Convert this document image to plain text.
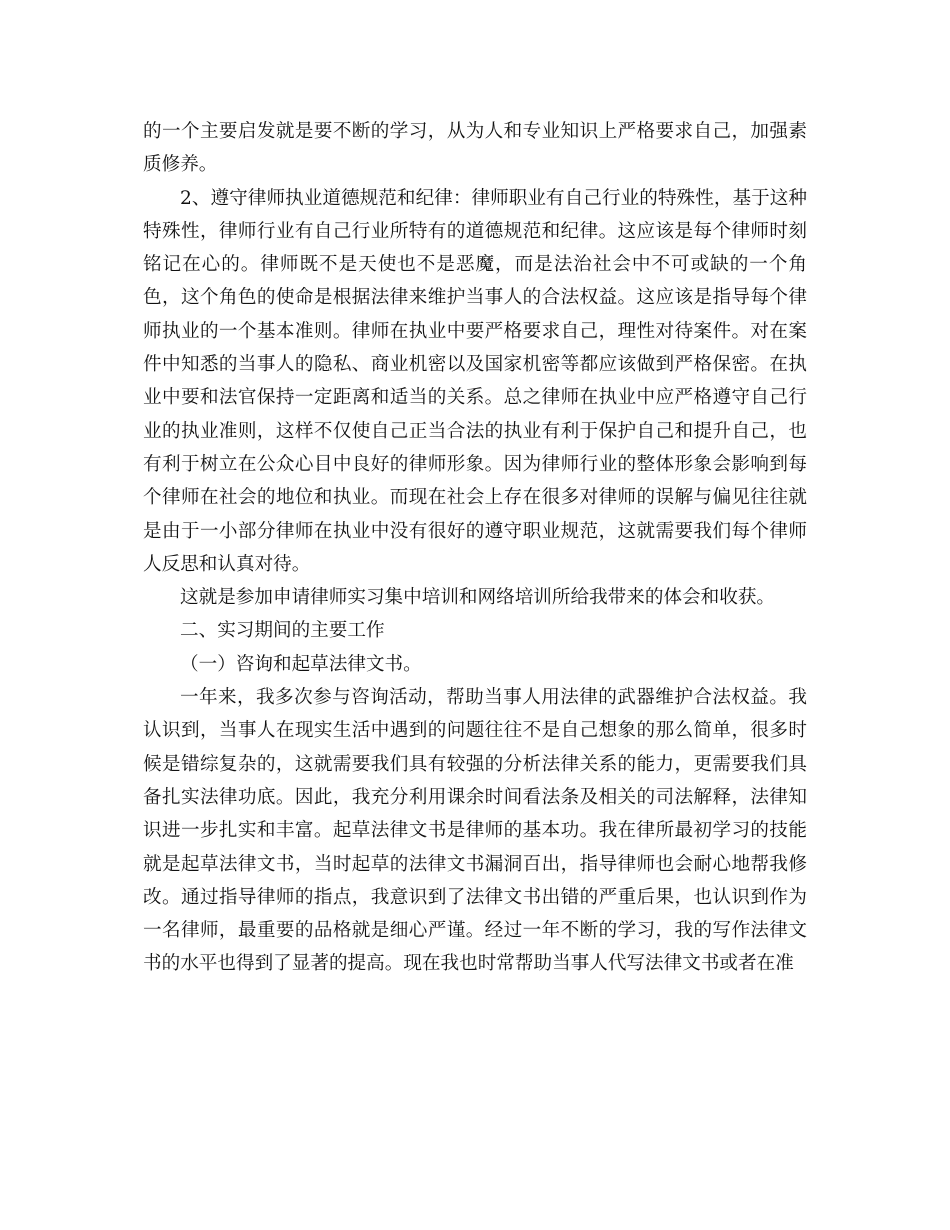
的一个主要启发就是要不断的学习，从为人和专业知识上严格要求自己，加强素质修养。

2、遵守律师执业道德规范和纪律：律师职业有自己行业的特殊性，基于这种特殊性，律师行业有自己行业所特有的道德规范和纪律。这应该是每个律师时刻铭记在心的。律师既不是天使也不是恶魔，而是法治社会中不可或缺的一个角色，这个角色的使命是根据法律来维护当事人的合法权益。这应该是指导每个律师执业的一个基本准则。律师在执业中要严格要求自己，理性对待案件。对在案件中知悉的当事人的隐私、商业机密以及国家机密等都应该做到严格保密。在执业中要和法官保持一定距离和适当的关系。总之律师在执业中应严格遵守自己行业的执业准则，这样不仅使自己正当合法的执业有利于保护自己和提升自己，也有利于树立在公众心目中良好的律师形象。因为律师行业的整体形象会影响到每个律师在社会的地位和执业。而现在社会上存在很多对律师的误解与偏见往往就是由于一小部分律师在执业中没有很好的遵守职业规范，这就需要我们每个律师人反思和认真对待。

这就是参加申请律师实习集中培训和网络培训所给我带来的体会和收获。

二、实习期间的主要工作

（一）咨询和起草法律文书。

一年来，我多次参与咨询活动，帮助当事人用法律的武器维护合法权益。我认识到，当事人在现实生活中遇到的问题往往不是自己想象的那么简单，很多时候是错综复杂的，这就需要我们具有较强的分析法律关系的能力，更需要我们具备扎实法律功底。因此，我充分利用课余时间看法条及相关的司法解释，法律知识进一步扎实和丰富。起草法律文书是律师的基本功。我在律所最初学习的技能就是起草法律文书，当时起草的法律文书漏洞百出，指导律师也会耐心地帮我修改。通过指导律师的指点，我意识到了法律文书出错的严重后果，也认识到作为一名律师，最重要的品格就是细心严谨。经过一年不断的学习，我的写作法律文书的水平也得到了显著的提高。现在我也时常帮助当事人代写法律文书或者在准
